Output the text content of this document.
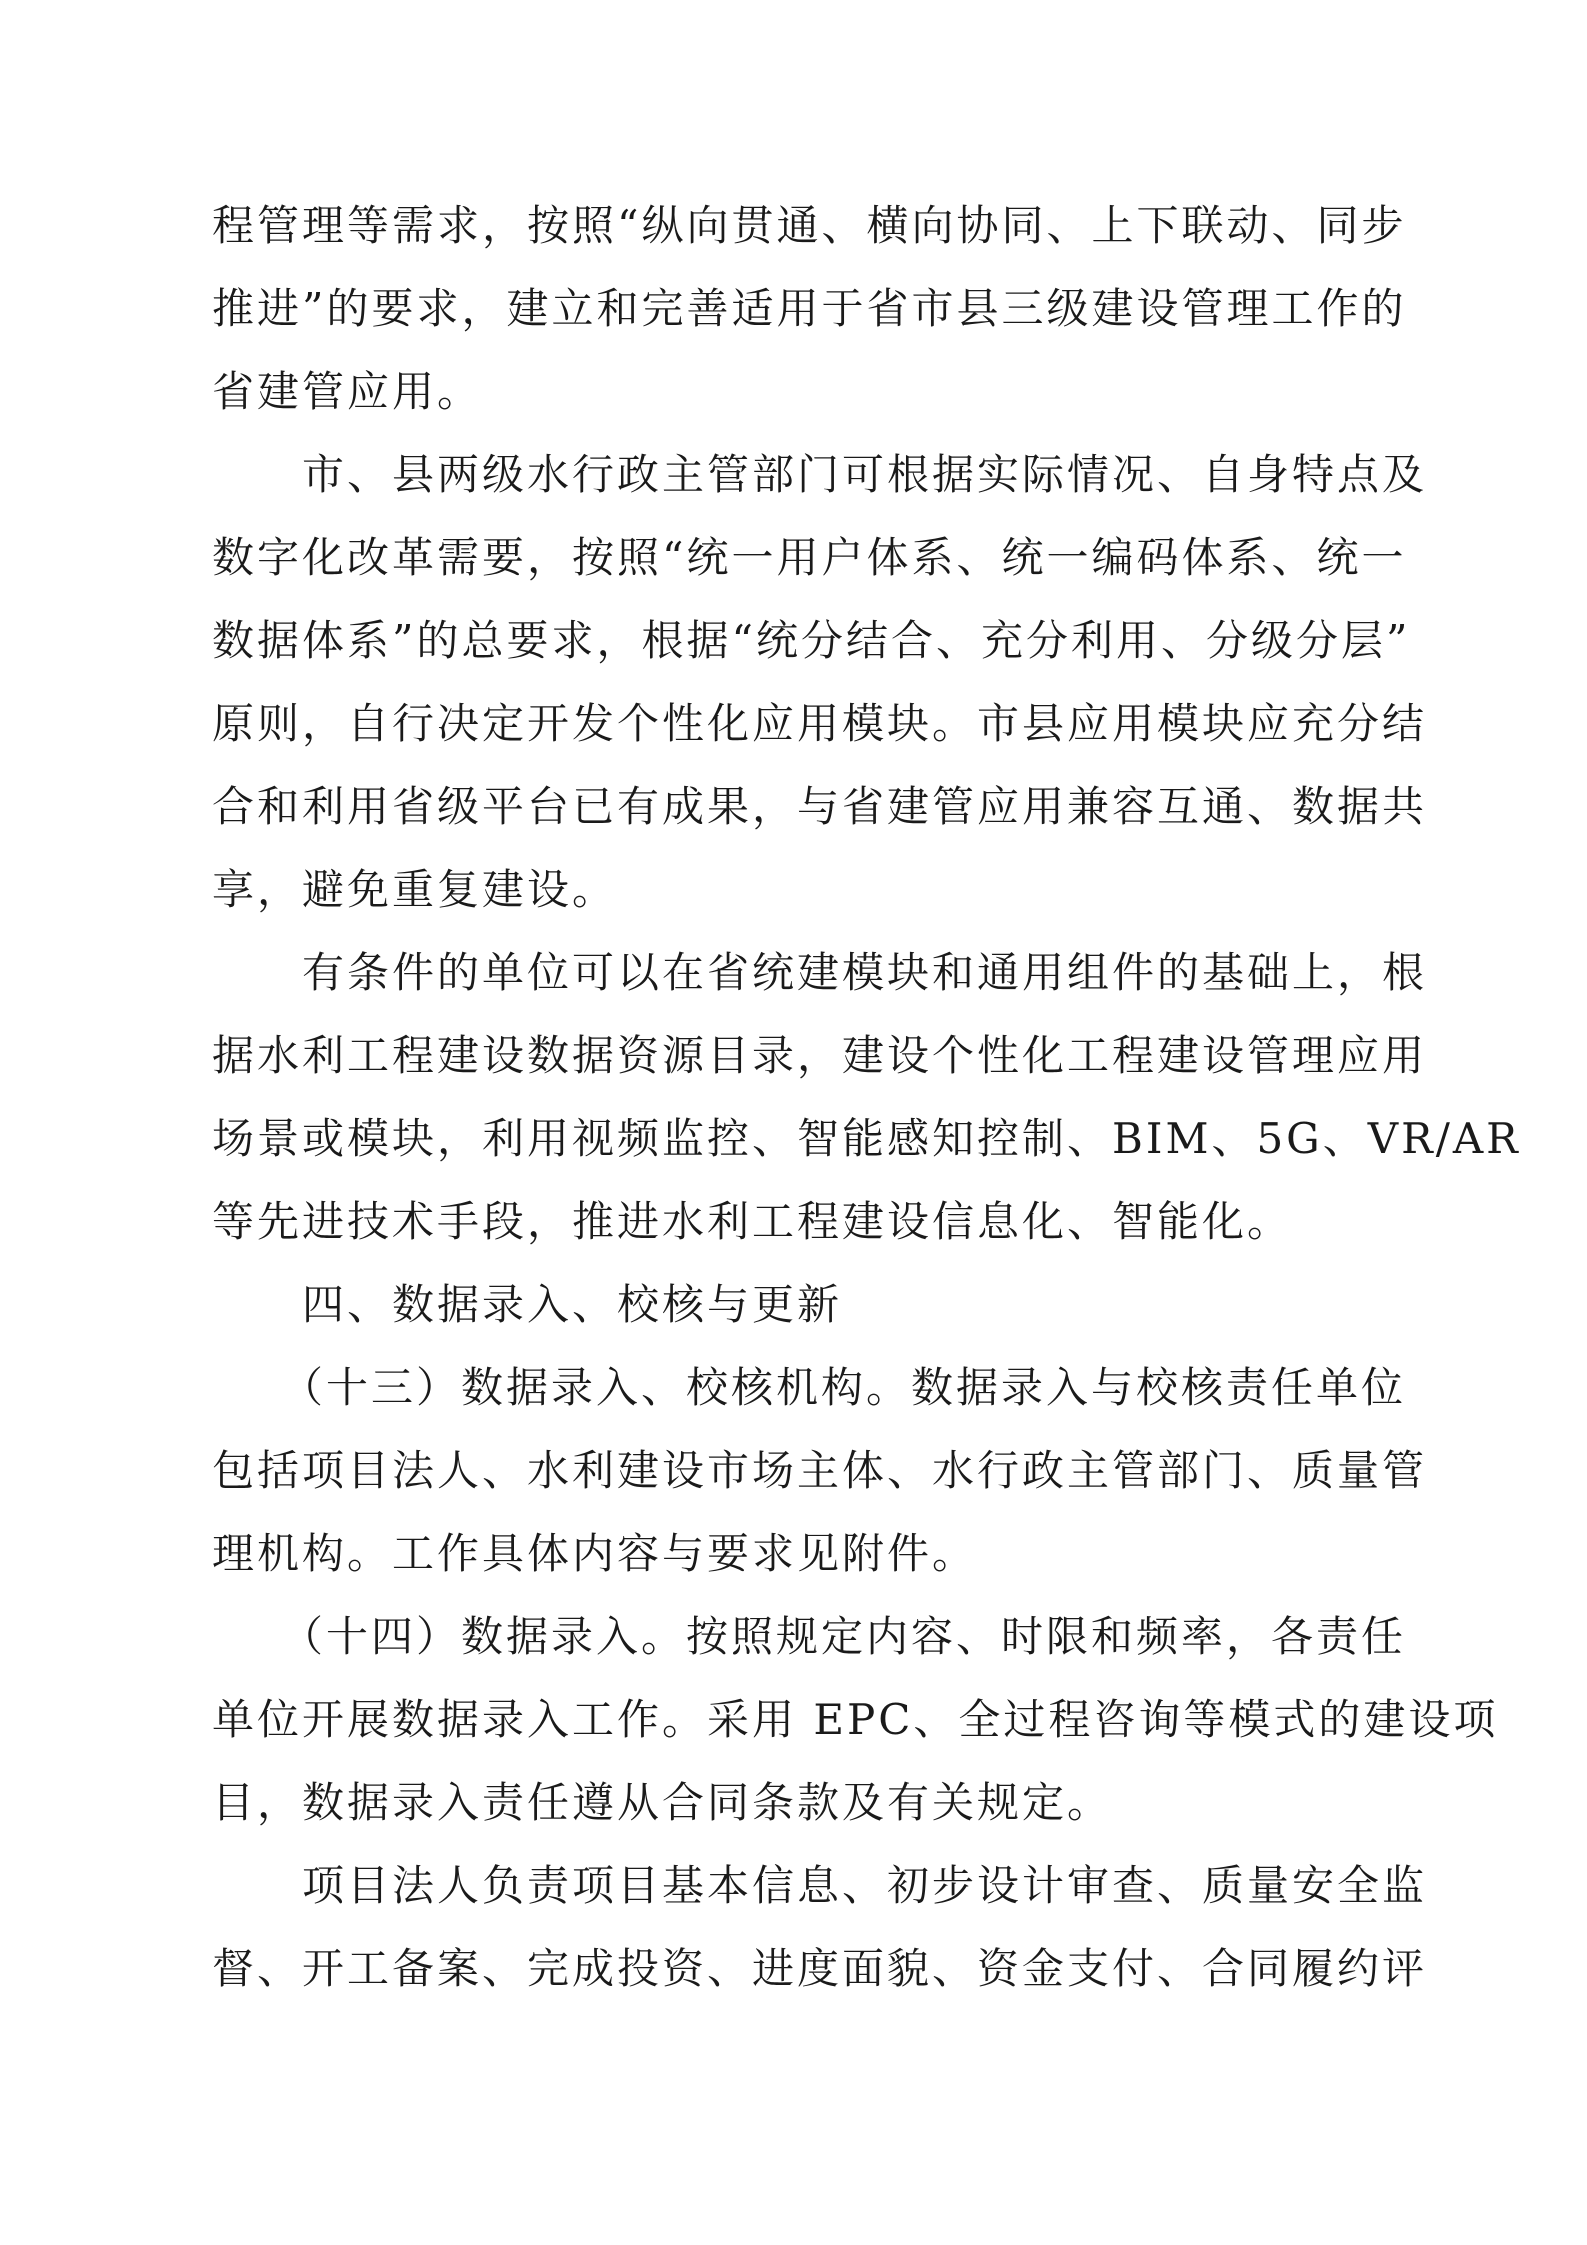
程管理等需求，按照“纵向贯通、横向协同、上下联动、同步
推进”的要求，建立和完善适用于省市县三级建设管理工作的
省建管应用。
　　市、县两级水行政主管部门可根据实际情况、自身特点及
数字化改革需要，按照“统一用户体系、统一编码体系、统一
数据体系”的总要求，根据“统分结合、充分利用、分级分层”
原则，自行决定开发个性化应用模块。市县应用模块应充分结
合和利用省级平台已有成果，与省建管应用兼容互通、数据共
享，避免重复建设。
　　有条件的单位可以在省统建模块和通用组件的基础上，根
据水利工程建设数据资源目录，建设个性化工程建设管理应用
场景或模块，利用视频监控、智能感知控制、BIM、5G、VR/AR
等先进技术手段，推进水利工程建设信息化、智能化。
　　四、数据录入、校核与更新
　　（十三）数据录入、校核机构。数据录入与校核责任单位
包括项目法人、水利建设市场主体、水行政主管部门、质量管
理机构。工作具体内容与要求见附件。
　　（十四）数据录入。按照规定内容、时限和频率，各责任
单位开展数据录入工作。采用 EPC、全过程咨询等模式的建设项
目，数据录入责任遵从合同条款及有关规定。
　　项目法人负责项目基本信息、初步设计审查、质量安全监
督、开工备案、完成投资、进度面貌、资金支付、合同履约评
